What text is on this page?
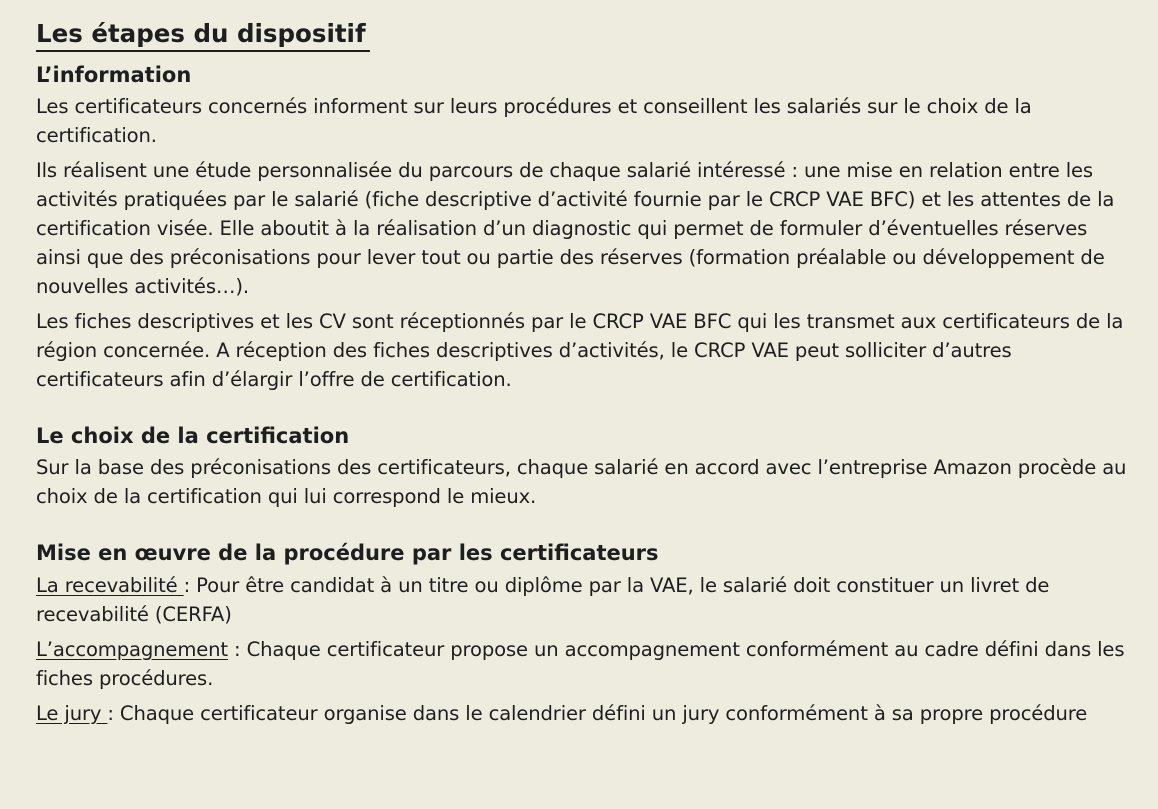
Les étapes du dispositif
L’information

Les certificateurs concernés informent sur leurs procédures et conseillent les salariés sur le choix de la certification.

Ils réalisent une étude personnalisée du parcours de chaque salarié intéressé : une mise en relation entre les activités pratiquées par le salarié (fiche descriptive d’activité fournie par le CRCP VAE BFC) et les attentes de la certification visée. Elle aboutit à la réalisation d’un diagnostic qui permet de formuler d’éventuelles réserves ainsi que des préconisations pour lever tout ou partie des réserves (formation préalable ou développement de nouvelles activités…).

Les fiches descriptives et les CV sont réceptionnés par le CRCP VAE BFC qui les transmet aux certificateurs de la région concernée. A réception des fiches descriptives d’activités, le CRCP VAE peut solliciter d’autres certificateurs afin d’élargir l’offre de certification.

Le choix de la certification

Sur la base des préconisations des certificateurs, chaque salarié en accord avec l’entreprise Amazon procède au choix de la certification qui lui correspond le mieux.

Mise en œuvre de la procédure par les certificateurs

La recevabilité : Pour être candidat à un titre ou diplôme par la VAE, le salarié doit constituer un livret de recevabilité (CERFA)

L’accompagnement : Chaque certificateur propose un accompagnement conformément au cadre défini dans les fiches procédures.

Le jury : Chaque certificateur organise dans le calendrier défini un jury conformément à sa propre procédure
